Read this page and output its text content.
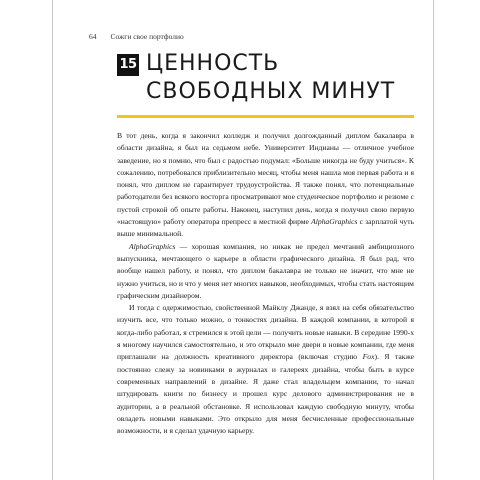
64 Сожги свое портфолио
15 ЦЕННОСТЬ
СВОБОДНЫХ МИНУТ

В тот день, когда я закончил колледж и получил долгожданный диплом бакалавра в области дизайна, я был на седьмом небе. Университет Индианы — отличное учебное заведение, но я помню, что был с радостью подумал: «Больше никогда не буду учиться». К сожалению, потребовался приблизительно месяц, чтобы меня нашла моя первая работа и я понял, что диплом не гарантирует трудоустройства. Я также понял, что потенциальные работодатели без всякого восторга просматривают мое студенческое портфолио и резюме с пустой строкой об опыте работы. Наконец, наступил день, когда я получил свою первую «настоящую» работу оператора препресс в местной фирме AlphaGraphics с зарплатой чуть выше минимальной.

AlphaGraphics — хорошая компания, но никак не предел мечтаний амбициозного выпускника, мечтающего о карьере в области графического дизайна. Я был рад, что вообще нашел работу, и понял, что диплом бакалавра не только не значит, что мне не нужно учиться, но и что у меня нет многих навыков, необходимых, чтобы стать настоящим графическим дизайнером.

И тогда с одержимостью, свойственной Майклу Джанде, я взял на себя обязательство изучить все, что только можно, о тонкостях дизайна. В каждой компании, в которой я когда-либо работал, я стремился к этой цели — получить новые навыки. В середине 1990-х я многому научился самостоятельно, и это открыло мне двери в новые компании, где меня приглашали на должность креативного директора (включая студию Fox). Я также постоянно слежу за новинками в журналах и галереях дизайна, чтобы быть в курсе современных направлений в дизайне. Я даже стал владельцем компании, то начал штудировать книги по бизнесу и прошел курс делового администрирования не в аудитории, а в реальной обстановке. Я использовал каждую свободную минуту, чтобы овладеть новыми навыками. Это открыло для меня бесчисленные профессиональные возможности, и я сделал удачную карьеру.
